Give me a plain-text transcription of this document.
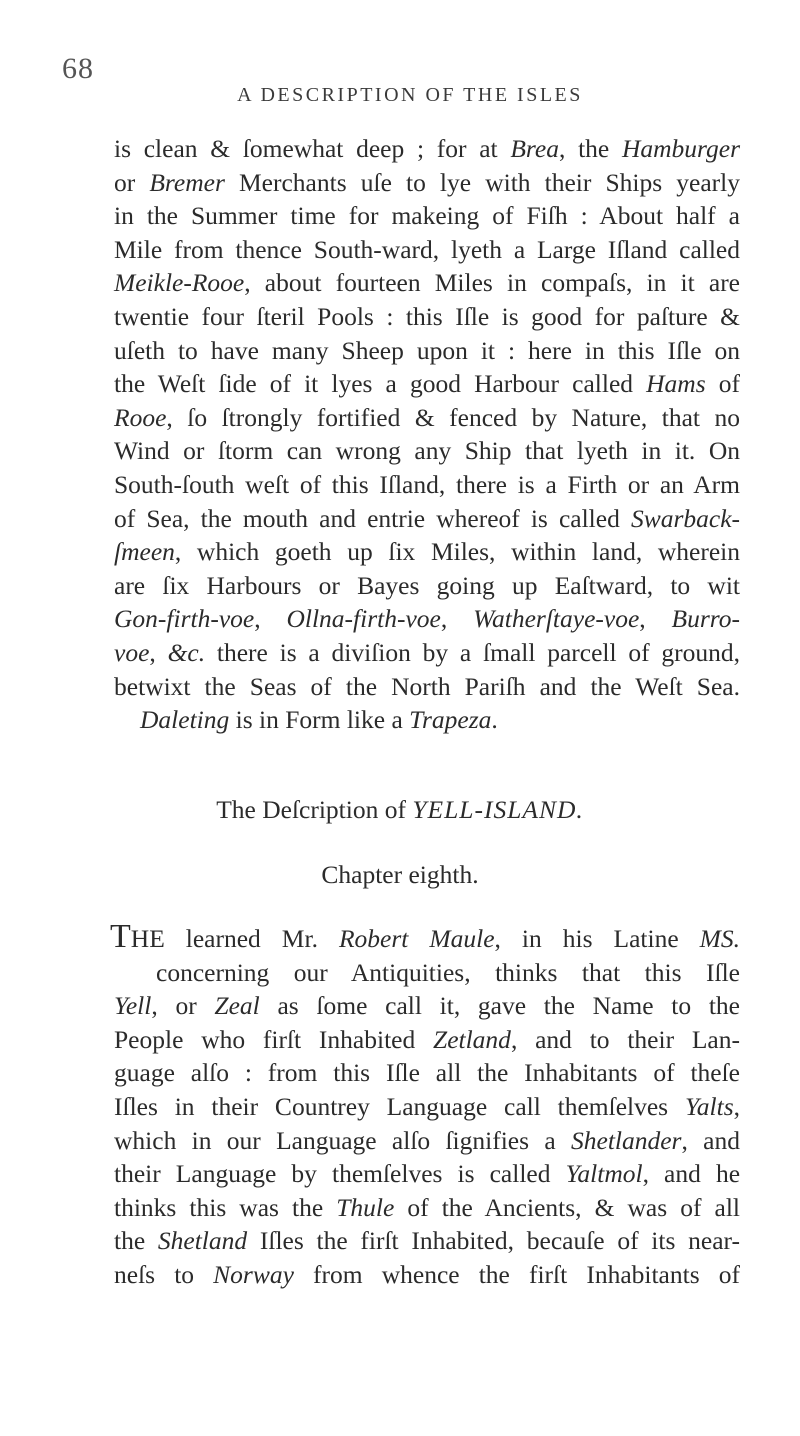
68
A DESCRIPTION OF THE ISLES
is clean & ſomewhat deep ; for at Brea, the Hamburger
or Bremer Merchants uſe to lye with their Ships yearly
in the Summer time for makeing of Fiſh : About half a
Mile from thence South-ward, lyeth a Large Iſland called
Meikle-Rooe, about fourteen Miles in compaſs, in it are
twentie four ſteril Pools : this Iſle is good for paſture &
uſeth to have many Sheep upon it : here in this Iſle on
the Weſt ſide of it lyes a good Harbour called Hams of
Rooe, ſo ſtrongly fortified & fenced by Nature, that no
Wind or ſtorm can wrong any Ship that lyeth in it. On
South-ſouth weſt of this Iſland, there is a Firth or an Arm
of Sea, the mouth and entrie whereof is called Swarback-
ſmeen, which goeth up ſix Miles, within land, wherein
are ſix Harbours or Bayes going up Eaſtward, to wit
Gon-firth-voe, Ollna-firth-voe, Watherſtaye-voe, Burro-
voe, &c. there is a diviſion by a ſmall parcell of ground,
betwixt the Seas of the North Pariſh and the Weſt Sea.
Daleting is in Form like a Trapeza.
The Deſcription of YELL-ISLAND.
Chapter eighth.
THE learned Mr. Robert Maule, in his Latine MS.
concerning our Antiquities, thinks that this Iſle
Yell, or Zeal as ſome call it, gave the Name to the
People who firſt Inhabited Zetland, and to their Lan-
guage alſo : from this Iſle all the Inhabitants of theſe
Iſles in their Countrey Language call themſelves Yalts,
which in our Language alſo ſignifies a Shetlander, and
their Language by themſelves is called Yaltmol, and he
thinks this was the Thule of the Ancients, & was of all
the Shetland Iſles the firſt Inhabited, becauſe of its near-
neſs to Norway from whence the firſt Inhabitants of
